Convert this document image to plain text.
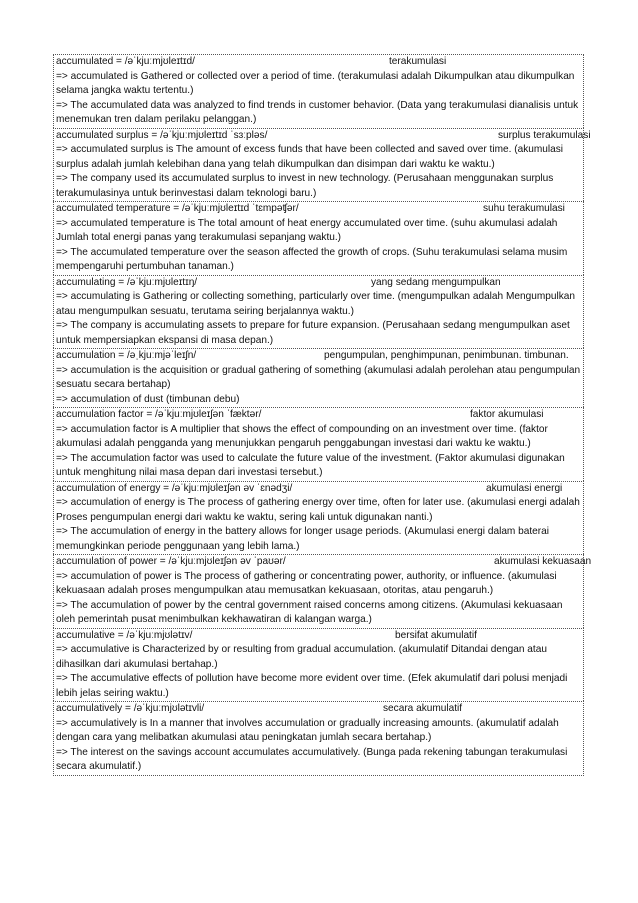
accumulated = /əˈkjuːmjʊleɪtɪd/	terakumulasi
=> accumulated is Gathered or collected over a period of time. (terakumulasi adalah Dikumpulkan atau dikumpulkan selama jangka waktu tertentu.)
=> The accumulated data was analyzed to find trends in customer behavior. (Data yang terakumulasi dianalisis untuk menemukan tren dalam perilaku pelanggan.)
accumulated surplus = /əˈkjuːmjʊleɪtɪd ˈsɜːpləs/	surplus terakumulasi
=> accumulated surplus is The amount of excess funds that have been collected and saved over time. (akumulasi surplus adalah jumlah kelebihan dana yang telah dikumpulkan dan disimpan dari waktu ke waktu.)
=> The company used its accumulated surplus to invest in new technology. (Perusahaan menggunakan surplus terakumulasinya untuk berinvestasi dalam teknologi baru.)
accumulated temperature = /əˈkjuːmjʊleɪtɪd ˈtɛmpəʧər/	suhu terakumulasi
=> accumulated temperature is The total amount of heat energy accumulated over time. (suhu akumulasi adalah Jumlah total energi panas yang terakumulasi sepanjang waktu.)
=> The accumulated temperature over the season affected the growth of crops. (Suhu terakumulasi selama musim mempengaruhi pertumbuhan tanaman.)
accumulating = /əˈkjuːmjʊleɪtɪŋ/	yang sedang mengumpulkan
=> accumulating is Gathering or collecting something, particularly over time. (mengumpulkan adalah Mengumpulkan atau mengumpulkan sesuatu, terutama seiring berjalannya waktu.)
=> The company is accumulating assets to prepare for future expansion. (Perusahaan sedang mengumpulkan aset untuk mempersiapkan ekspansi di masa depan.)
accumulation = /əˌkjuːmjəˈleɪʃn/	pengumpulan, penghimpunan, penimbunan. timbunan.
=> accumulation is the acquisition or gradual gathering of something (akumulasi adalah perolehan atau pengumpulan sesuatu secara bertahap)
=> accumulation of dust (timbunan debu)
accumulation factor = /əˈkjuːmjʊleɪʃən ˈfæktər/	faktor akumulasi
=> accumulation factor is A multiplier that shows the effect of compounding on an investment over time. (faktor akumulasi adalah pengganda yang menunjukkan pengaruh penggabungan investasi dari waktu ke waktu.)
=> The accumulation factor was used to calculate the future value of the investment. (Faktor akumulasi digunakan untuk menghitung nilai masa depan dari investasi tersebut.)
accumulation of energy = /əˈkjuːmjʊleɪʃən əv ˈɛnədʒi/	akumulasi energi
=> accumulation of energy is The process of gathering energy over time, often for later use. (akumulasi energi adalah Proses pengumpulan energi dari waktu ke waktu, sering kali untuk digunakan nanti.)
=> The accumulation of energy in the battery allows for longer usage periods. (Akumulasi energi dalam baterai memungkinkan periode penggunaan yang lebih lama.)
accumulation of power = /əˈkjuːmjʊleɪʃən əv ˈpaʊər/	akumulasi kekuasaan
=> accumulation of power is The process of gathering or concentrating power, authority, or influence. (akumulasi kekuasaan adalah proses mengumpulkan atau memusatkan kekuasaan, otoritas, atau pengaruh.)
=> The accumulation of power by the central government raised concerns among citizens. (Akumulasi kekuasaan oleh pemerintah pusat menimbulkan kekhawatiran di kalangan warga.)
accumulative = /əˈkjuːmjʊlətɪv/	bersifat akumulatif
=> accumulative is Characterized by or resulting from gradual accumulation. (akumulatif Ditandai dengan atau dihasilkan dari akumulasi bertahap.)
=> The accumulative effects of pollution have become more evident over time. (Efek akumulatif dari polusi menjadi lebih jelas seiring waktu.)
accumulatively = /əˈkjuːmjʊlətɪvli/	secara akumulatif
=> accumulatively is In a manner that involves accumulation or gradually increasing amounts. (akumulatif adalah dengan cara yang melibatkan akumulasi atau peningkatan jumlah secara bertahap.)
=> The interest on the savings account accumulates accumulatively. (Bunga pada rekening tabungan terakumulasi secara akumulatif.)
